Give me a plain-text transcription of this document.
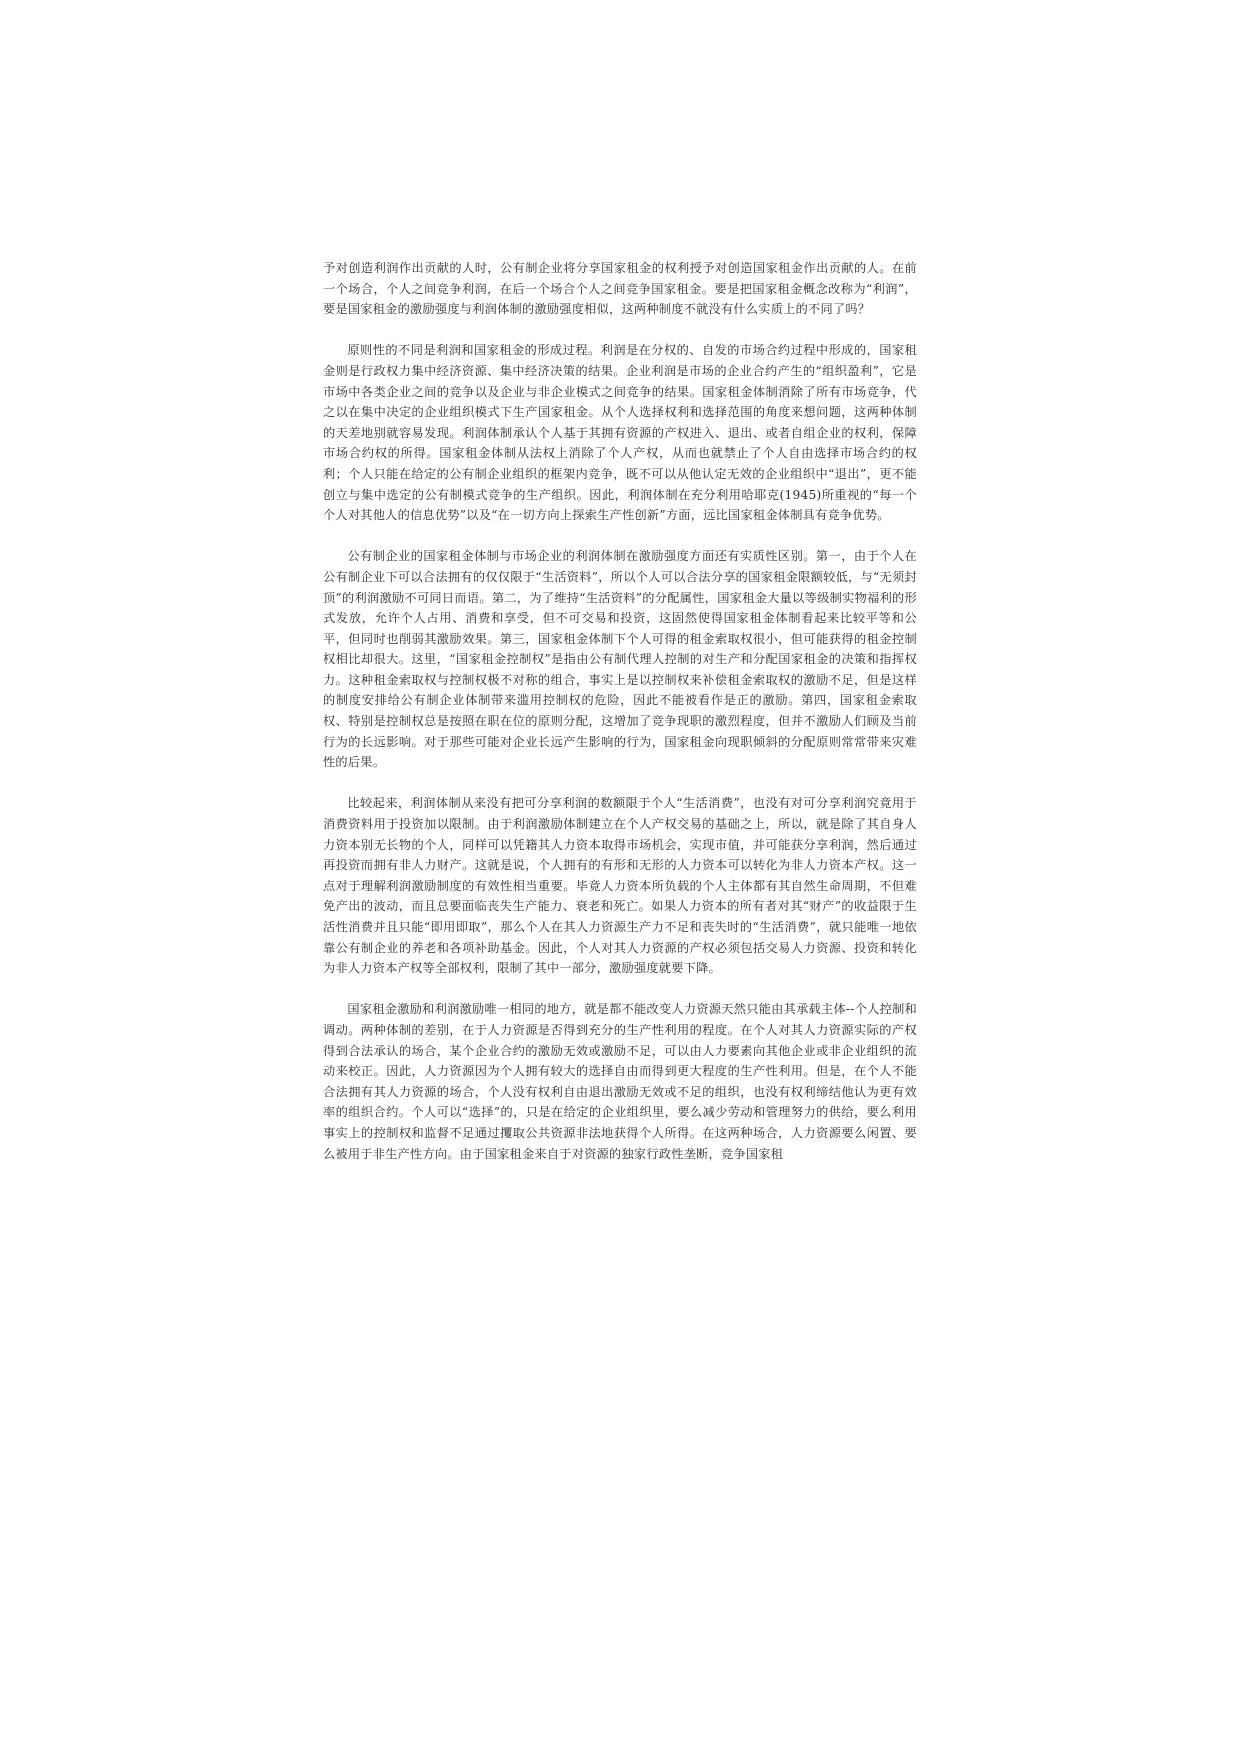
予对创造利润作出贡献的人时，公有制企业将分享国家租金的权利授予对创造国家租金作出贡献的人。在前一个场合，个人之间竞争利润，在后一个场合个人之间竞争国家租金。要是把国家租金概念改称为“利润”，要是国家租金的激励强度与利润体制的激励强度相似，这两种制度不就没有什么实质上的不同了吗？

原则性的不同是利润和国家租金的形成过程。利润是在分权的、自发的市场合约过程中形成的，国家租金则是行政权力集中经济资源、集中经济决策的结果。企业利润是市场的企业合约产生的“组织盈利”，它是市场中各类企业之间的竞争以及企业与非企业模式之间竞争的结果。国家租金体制消除了所有市场竞争，代之以在集中决定的企业组织模式下生产国家租金。从个人选择权利和选择范围的角度来想问题，这两种体制的天差地别就容易发现。利润体制承认个人基于其拥有资源的产权进入、退出、或者自组企业的权利，保障市场合约权的所得。国家租金体制从法权上消除了个人产权，从而也就禁止了个人自由选择市场合约的权利；个人只能在给定的公有制企业组织的框架内竞争，既不可以从他认定无效的企业组织中“退出”，更不能创立与集中选定的公有制模式竞争的生产组织。因此，利润体制在充分利用哈耶克(1945)所重视的“每一个个人对其他人的信息优势”以及“在一切方向上探索生产性创新”方面，远比国家租金体制具有竞争优势。

公有制企业的国家租金体制与市场企业的利润体制在激励强度方面还有实质性区别。第一，由于个人在公有制企业下可以合法拥有的仅仅限于“生活资料”，所以个人可以合法分享的国家租金限额较低，与“无须封顶”的利润激励不可同日而语。第二，为了维持“生活资料”的分配属性，国家租金大量以等级制实物福利的形式发放，允许个人占用、消费和享受，但不可交易和投资，这固然使得国家租金体制看起来比较平等和公平，但同时也削弱其激励效果。第三，国家租金体制下个人可得的租金索取权很小，但可能获得的租金控制权相比却很大。这里，“国家租金控制权”是指由公有制代理人控制的对生产和分配国家租金的决策和指挥权力。这种租金索取权与控制权极不对称的组合，事实上是以控制权来补偿租金索取权的激励不足，但是这样的制度安排给公有制企业体制带来滥用控制权的危险，因此不能被看作是正的激励。第四，国家租金索取权、特别是控制权总是按照在职在位的原则分配，这增加了竞争现职的激烈程度，但并不激励人们顾及当前行为的长远影响。对于那些可能对企业长远产生影响的行为，国家租金向现职倾斜的分配原则常常带来灾难性的后果。

比较起来，利润体制从来没有把可分享利润的数额限于个人“生活消费”，也没有对可分享利润究竟用于消费资料用于投资加以限制。由于利润激励体制建立在个人产权交易的基础之上，所以，就是除了其自身人力资本别无长物的个人，同样可以凭籍其人力资本取得市场机会，实现市值，并可能获分享利润，然后通过再投资而拥有非人力财产。这就是说，个人拥有的有形和无形的人力资本可以转化为非人力资本产权。这一点对于理解利润激励制度的有效性相当重要。毕竟人力资本所负载的个人主体都有其自然生命周期，不但难免产出的波动，而且总要面临丧失生产能力、衰老和死亡。如果人力资本的所有者对其“财产”的收益限于生活性消费并且只能“即用即取”，那么个人在其人力资源生产力不足和丧失时的“生活消费”，就只能唯一地依靠公有制企业的养老和各项补助基金。因此，个人对其人力资源的产权必须包括交易人力资源、投资和转化为非人力资本产权等全部权利，限制了其中一部分，激励强度就要下降。

国家租金激励和利润激励唯一相同的地方，就是都不能改变人力资源天然只能由其承载主体--个人控制和调动。两种体制的差别，在于人力资源是否得到充分的生产性利用的程度。在个人对其人力资源实际的产权得到合法承认的场合，某个企业合约的激励无效或激励不足，可以由人力要素向其他企业或非企业组织的流动来校正。因此，人力资源因为个人拥有较大的选择自由而得到更大程度的生产性利用。但是，在个人不能合法拥有其人力资源的场合，个人没有权利自由退出激励无效或不足的组织，也没有权利缔结他认为更有效率的组织合约。个人可以“选择”的，只是在给定的企业组织里，要么减少劳动和管理努力的供给，要么利用事实上的控制权和监督不足通过攫取公共资源非法地获得个人所得。在这两种场合，人力资源要么闲置、要么被用于非生产性方向。由于国家租金来自于对资源的独家行政性垄断，竞争国家租
